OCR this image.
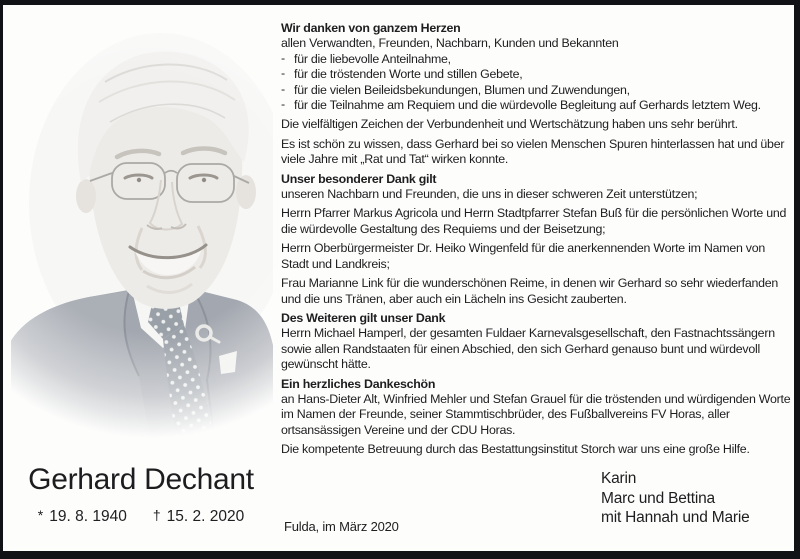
Gerhard Dechant
* 19. 8. 1940 † 15. 2. 2020
Wir danken von ganzem Herzen
allen Verwandten, Freunden, Nachbarn, Kunden und Bekannten
- für die liebevolle Anteilnahme,
- für die tröstenden Worte und stillen Gebete,
- für die vielen Beileidsbekundungen, Blumen und Zuwendungen,
- für die Teilnahme am Requiem und die würdevolle Begleitung auf Gerhards letztem Weg.
Die vielfältigen Zeichen der Verbundenheit und Wertschätzung haben uns sehr berührt.
Es ist schön zu wissen, dass Gerhard bei so vielen Menschen Spuren hinterlassen hat und über viele Jahre mit „Rat und Tat“ wirken konnte.
Unser besonderer Dank gilt
unseren Nachbarn und Freunden, die uns in dieser schweren Zeit unterstützen;
Herrn Pfarrer Markus Agricola und Herrn Stadtpfarrer Stefan Buß für die persönlichen Worte und die würdevolle Gestaltung des Requiems und der Beisetzung;
Herrn Oberbürgermeister Dr. Heiko Wingenfeld für die anerkennenden Worte im Namen von Stadt und Landkreis;
Frau Marianne Link für die wunderschönen Reime, in denen wir Gerhard so sehr wiederfanden und die uns Tränen, aber auch ein Lächeln ins Gesicht zauberten.
Des Weiteren gilt unser Dank
Herrn Michael Hamperl, der gesamten Fuldaer Karnevalsgesellschaft, den Fastnachtssängern sowie allen Randstaaten für einen Abschied, den sich Gerhard genauso bunt und würdevoll gewünscht hätte.
Ein herzliches Dankeschön
an Hans-Dieter Alt, Winfried Mehler und Stefan Grauel für die tröstenden und würdigenden Worte im Namen der Freunde, seiner Stammtischbrüder, des Fußballvereins FV Horas, aller ortsansässigen Vereine und der CDU Horas.
Die kompetente Betreuung durch das Bestattungsinstitut Storch war uns eine große Hilfe.
Fulda, im März 2020
Karin
Marc und Bettina
mit Hannah und Marie
